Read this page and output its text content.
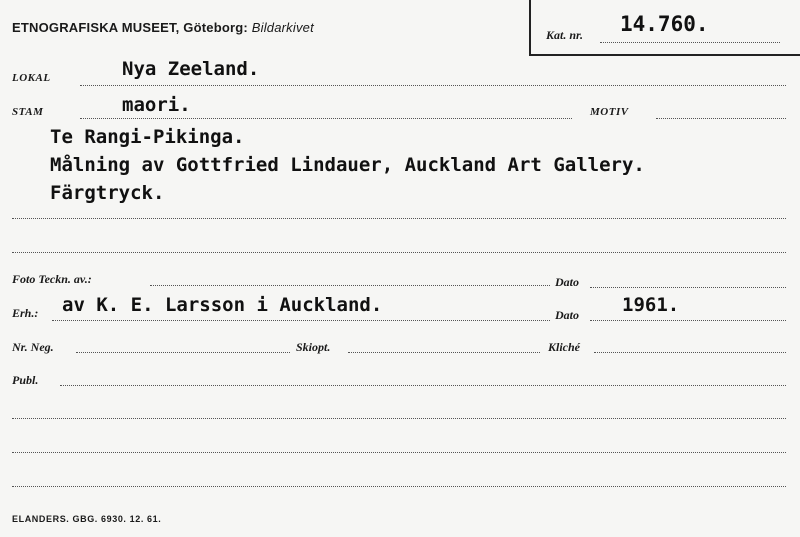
ETNOGRAFISKA MUSEET, Göteborg: Bildarkivet	Kat. nr. 14.760.
LOKAL	Nya Zeeland.
STAM	maori.	MOTIV
Te Rangi-Pikinga.
Målning av Gottfried Lindauer, Auckland Art Gallery.
Färgtryck.
Foto Teckn. av.:	Dato
Erh.: av K. E. Larsson i Auckland.	Dato 1961.
Nr. Neg.	Skiopt.	Kliché
Publ.
ELANDERS. GBG. 6930. 12. 61.
